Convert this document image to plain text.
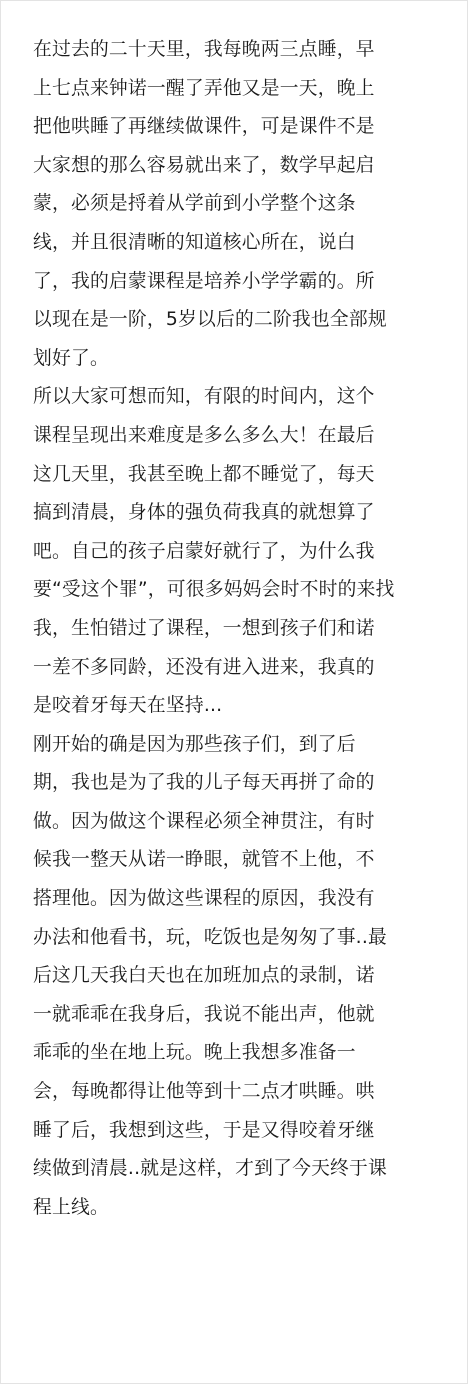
在过去的二十天里，我每晚两三点睡，早
上七点来钟诺一醒了弄他又是一天，晚上
把他哄睡了再继续做课件，可是课件不是
大家想的那么容易就出来了，数学早起启
蒙，必须是捋着从学前到小学整个这条
线，并且很清晰的知道核心所在，说白
了，我的启蒙课程是培养小学学霸的。所
以现在是一阶，5岁以后的二阶我也全部规
划好了。
所以大家可想而知，有限的时间内，这个
课程呈现出来难度是多么多么大！在最后
这几天里，我甚至晚上都不睡觉了，每天
搞到清晨，身体的强负荷我真的就想算了
吧。自己的孩子启蒙好就行了，为什么我
要“受这个罪”，可很多妈妈会时不时的来找
我，生怕错过了课程，一想到孩子们和诺
一差不多同龄，还没有进入进来，我真的
是咬着牙每天在坚持...
刚开始的确是因为那些孩子们，到了后
期，我也是为了我的儿子每天再拼了命的
做。因为做这个课程必须全神贯注，有时
候我一整天从诺一睁眼，就管不上他，不
搭理他。因为做这些课程的原因，我没有
办法和他看书，玩，吃饭也是匆匆了事..最
后这几天我白天也在加班加点的录制，诺
一就乖乖在我身后，我说不能出声，他就
乖乖的坐在地上玩。晚上我想多准备一
会，每晚都得让他等到十二点才哄睡。哄
睡了后，我想到这些，于是又得咬着牙继
续做到清晨..就是这样，才到了今天终于课
程上线。
